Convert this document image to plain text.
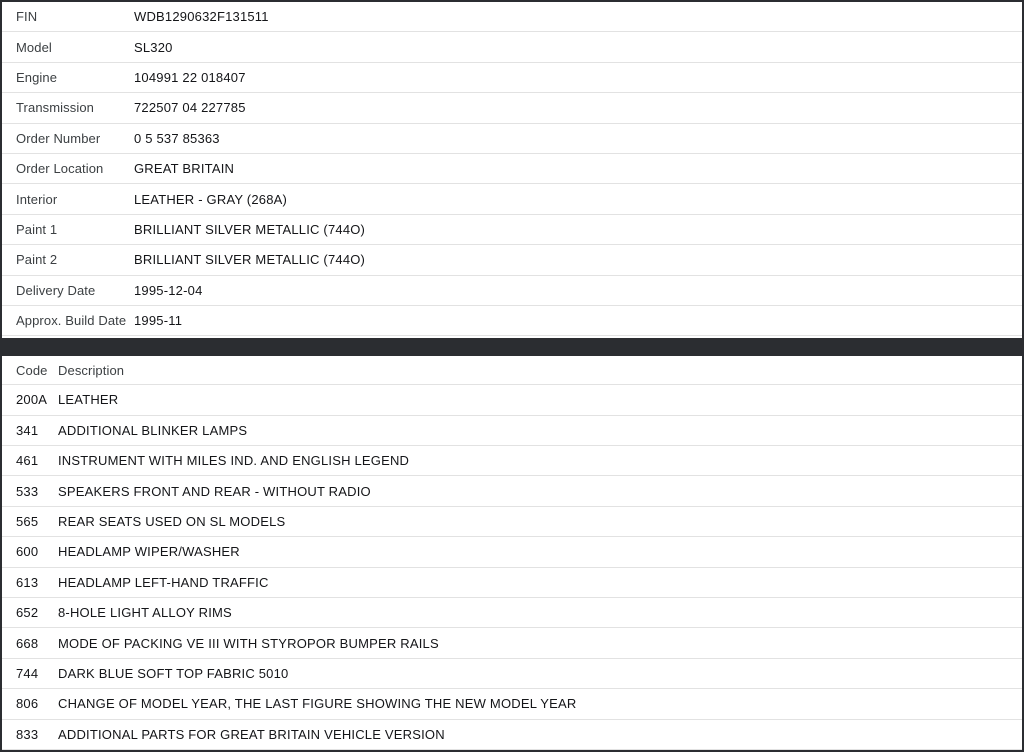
FIN	WDB1290632F131511
Model	SL320
Engine	104991 22 018407
Transmission	722507 04 227785
Order Number	0 5 537 85363
Order Location	GREAT BRITAIN
Interior	LEATHER - GRAY (268A)
Paint 1	BRILLIANT SILVER METALLIC (744O)
Paint 2	BRILLIANT SILVER METALLIC (744O)
Delivery Date	1995-12-04
Approx. Build Date 1995-11
Code Description
200A LEATHER
341	ADDITIONAL BLINKER LAMPS
461	INSTRUMENT WITH MILES IND. AND ENGLISH LEGEND
533	SPEAKERS FRONT AND REAR - WITHOUT RADIO
565	REAR SEATS USED ON SL MODELS
600	HEADLAMP WIPER/WASHER
613	HEADLAMP LEFT-HAND TRAFFIC
652	8-HOLE LIGHT ALLOY RIMS
668	MODE OF PACKING VE III WITH STYROPOR BUMPER RAILS
744	DARK BLUE SOFT TOP FABRIC 5010
806	CHANGE OF MODEL YEAR, THE LAST FIGURE SHOWING THE NEW MODEL YEAR
833	ADDITIONAL PARTS FOR GREAT BRITAIN VEHICLE VERSION
